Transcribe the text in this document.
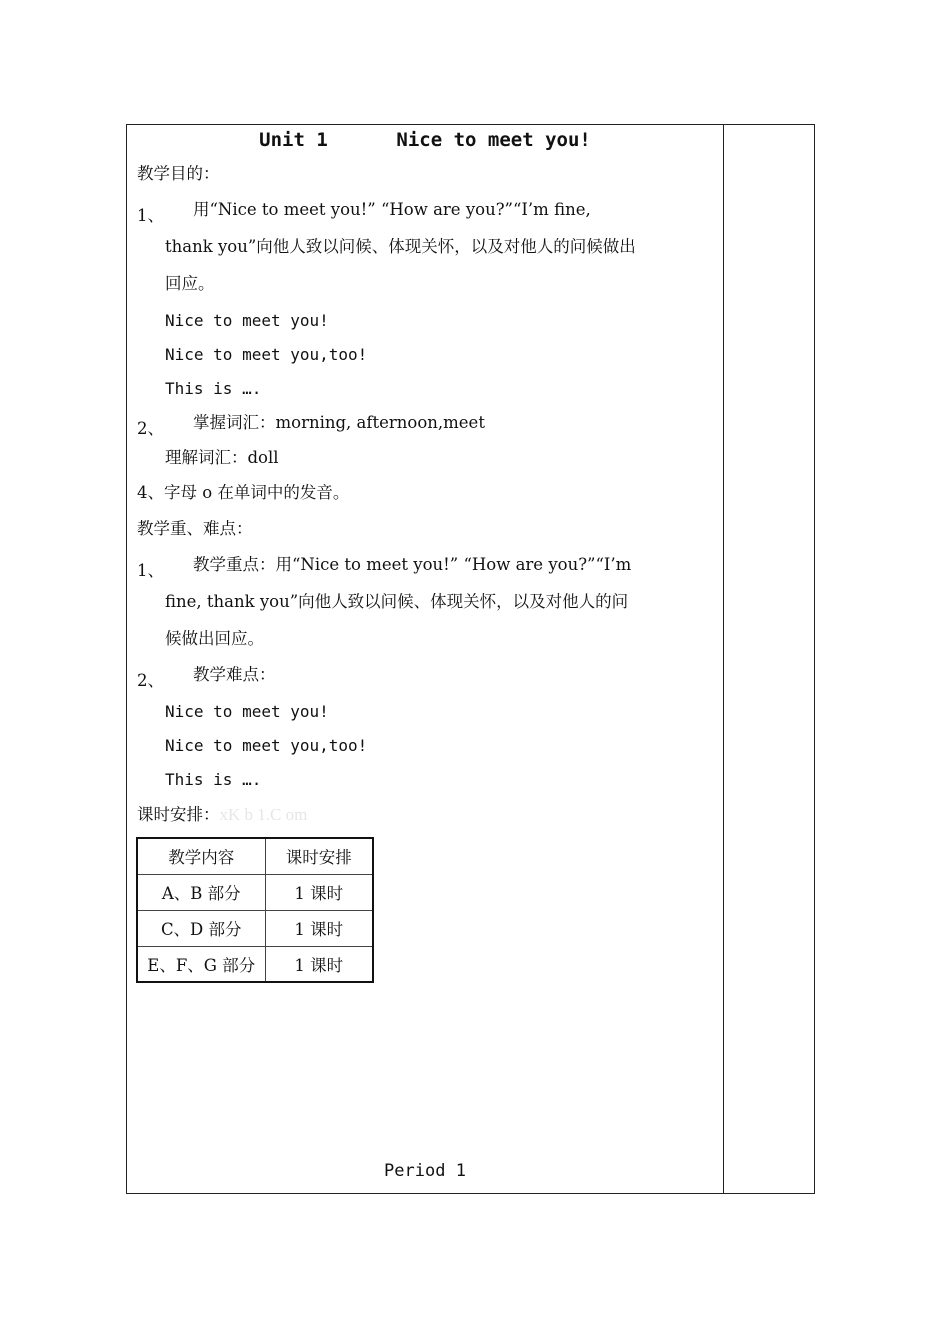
Unit 1	Nice to meet you!
教学目的：
1、 用“Nice to meet you!” “How are you?”“I’m fine,
thank you”向他人致以问候、体现关怀，以及对他人的问候做出
回应。
Nice to meet you!
Nice to meet you,too!
This is ….
2、 掌握词汇：morning, afternoon,meet
理解词汇：doll
4、字母 o 在单词中的发音。
教学重、难点：
1、 教学重点：用“Nice to meet you!” “How are you?”“I’m
fine, thank you”向他人致以问候、体现关怀，以及对他人的问
候做出回应。
2、 教学难点：
Nice to meet you!
Nice to meet you,too!
This is ….
课时安排：xK b 1.C om
教学内容	课时安排
A、B 部分	1 课时
C、D 部分	1 课时
E、F、G 部分	1 课时
Period 1
